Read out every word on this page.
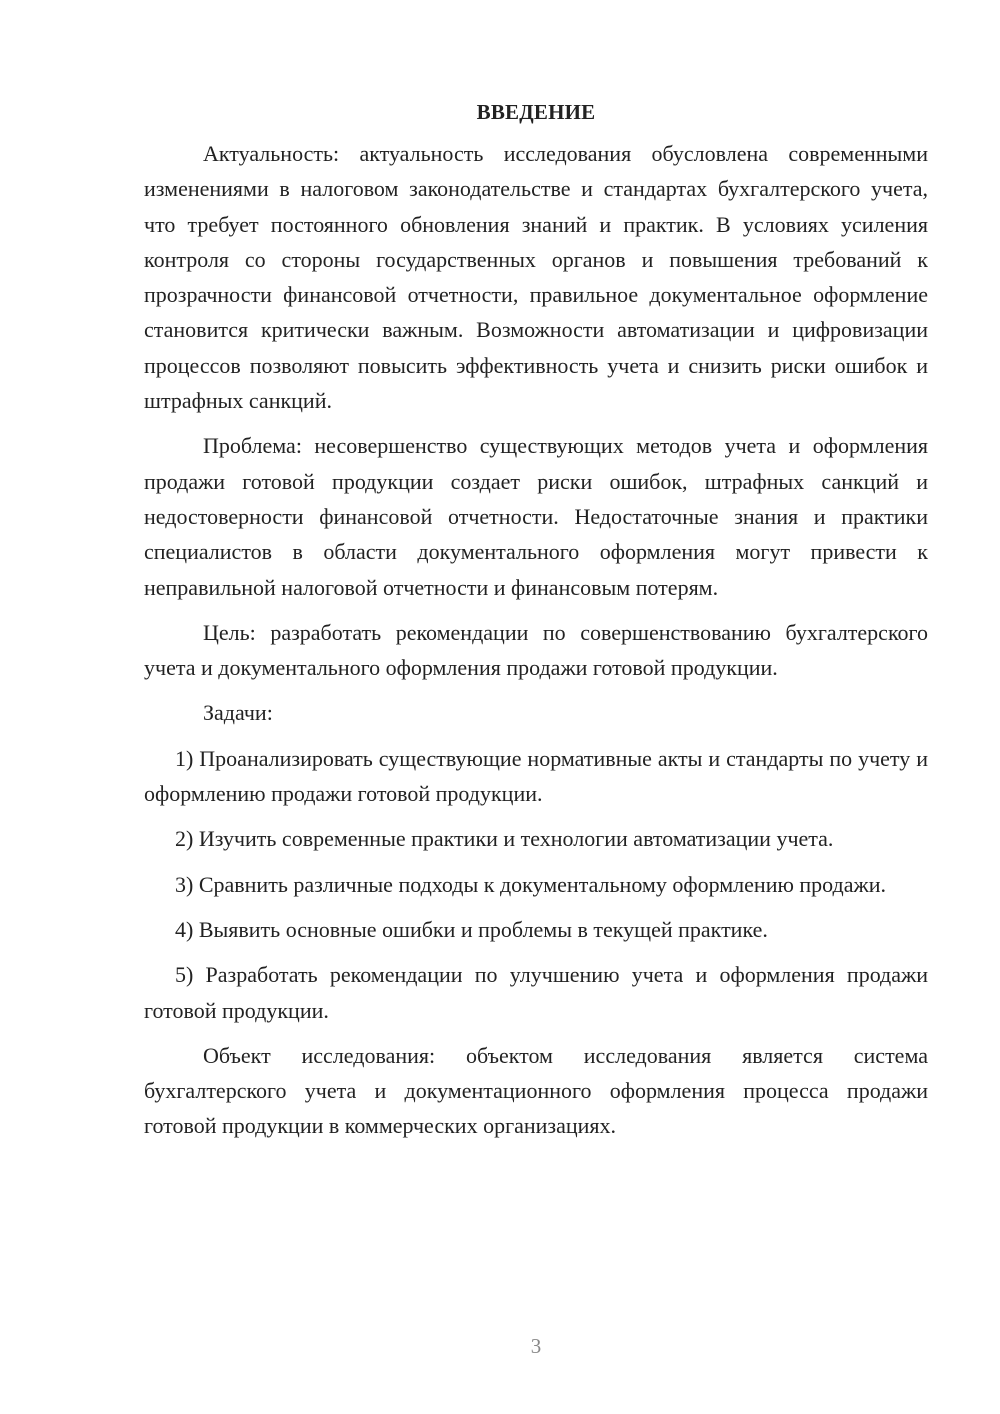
ВВЕДЕНИЕ

Актуальность: актуальность исследования обусловлена современными изменениями в налоговом законодательстве и стандартах бухгалтерского учета, что требует постоянного обновления знаний и практик. В условиях усиления контроля со стороны государственных органов и повышения требований к прозрачности финансовой отчетности, правильное документальное оформление становится критически важным. Возможности автоматизации и цифровизации процессов позволяют повысить эффективность учета и снизить риски ошибок и штрафных санкций.

Проблема: несовершенство существующих методов учета и оформления продажи готовой продукции создает риски ошибок, штрафных санкций и недостоверности финансовой отчетности. Недостаточные знания и практики специалистов в области документального оформления могут привести к неправильной налоговой отчетности и финансовым потерям.

Цель: разработать рекомендации по совершенствованию бухгалтерского учета и документального оформления продажи готовой продукции.

Задачи:

1) Проанализировать существующие нормативные акты и стандарты по учету и оформлению продажи готовой продукции.

2) Изучить современные практики и технологии автоматизации учета.

3) Сравнить различные подходы к документальному оформлению продажи.

4) Выявить основные ошибки и проблемы в текущей практике.

5) Разработать рекомендации по улучшению учета и оформления продажи готовой продукции.

Объект исследования: объектом исследования является система бухгалтерского учета и документационного оформления процесса продажи готовой продукции в коммерческих организациях.

3
